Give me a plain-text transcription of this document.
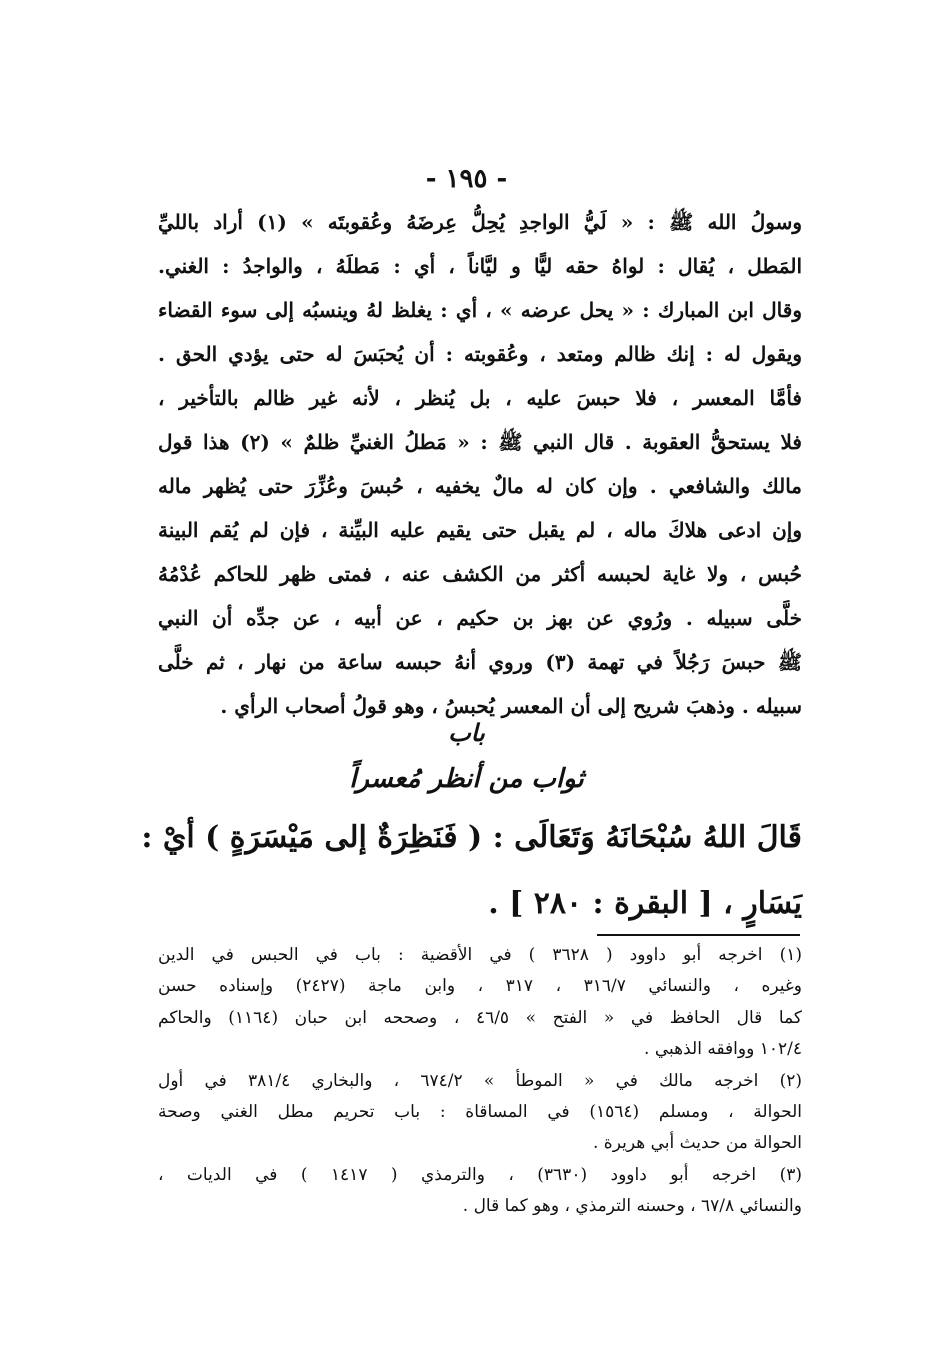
- ١٩٥ -
وسولُ الله ﷺ : « لَيُّ الواجدِ يُحِلُّ عِرضَهُ وعُقوبتَه » (١) أراد بالليِّ
المَطل ، يُقال : لواهُ حقه ليًّا و ليَّاناً ، أي : مَطلَهُ ، والواجدُ : الغني.
وقال ابن المبارك : « يحل عرضه » ، أي : يغلظ لهُ وينسبُه إلى سوء القضاء
ويقول له : إنك ظالم ومتعد ، وعُقوبته : أن يُحبَسَ له حتى يؤدي الحق .
فأمَّا المعسر ، فلا حبسَ عليه ، بل يُنظر ، لأنه غير ظالم بالتأخير ،
فلا يستحقُّ العقوبة . قال النبي ﷺ : « مَطلُ الغنيِّ ظلمٌ » (٢) هذا قول
مالك والشافعي . وإن كان له مالٌ يخفيه ، حُبسَ وعُزِّرَ حتى يُظهر ماله
وإن ادعى هلاكَ ماله ، لم يقبل حتى يقيم عليه البيِّنة ، فإن لم يُقم البينة
حُبس ، ولا غاية لحبسه أكثر من الكشف عنه ، فمتى ظهر للحاكم عُدْمُهُ
خلَّى سبيله . ورُوي عن بهز بن حكيم ، عن أبيه ، عن جدِّه أن النبي
ﷺ حبسَ رَجُلاً في تهمة (٣) وروي أنهُ حبسه ساعة من نهار ، ثم خلَّى
سبيله . وذهبَ شريح إلى أن المعسر يُحبسُ ، وهو قولُ أصحاب الرأي .
باب
ثواب من أنظر مُعسراً
قَالَ اللهُ سُبْحَانَهُ وَتَعَالَى : ( فَنَظِرَةٌ إلى مَيْسَرَةٍ ) أيْ :
يَسَارٍ ، [ البقرة : ٢٨٠ ] .
(١) اخرجه أبو داوود ( ٣٦٢٨ ) في الأقضية : باب في الحبس في الدين
وغيره ، والنسائي ٣١٦/٧ ، ٣١٧ ، وابن ماجة (٢٤٢٧) وإسناده حسن
كما قال الحافظ في « الفتح » ٤٦/٥ ، وصححه ابن حبان (١١٦٤) والحاكم
١٠٢/٤ ووافقه الذهبي .
(٢) اخرجه مالك في « الموطأ » ٦٧٤/٢ ، والبخاري ٣٨١/٤ في أول
الحوالة ، ومسلم (١٥٦٤) في المساقاة : باب تحريم مطل الغني وصحة
الحوالة من حديث أبي هريرة .
(٣) اخرجه أبو داوود (٣٦٣٠) ، والترمذي ( ١٤١٧ ) في الديات ،
والنسائي ٦٧/٨ ، وحسنه الترمذي ، وهو كما قال .
